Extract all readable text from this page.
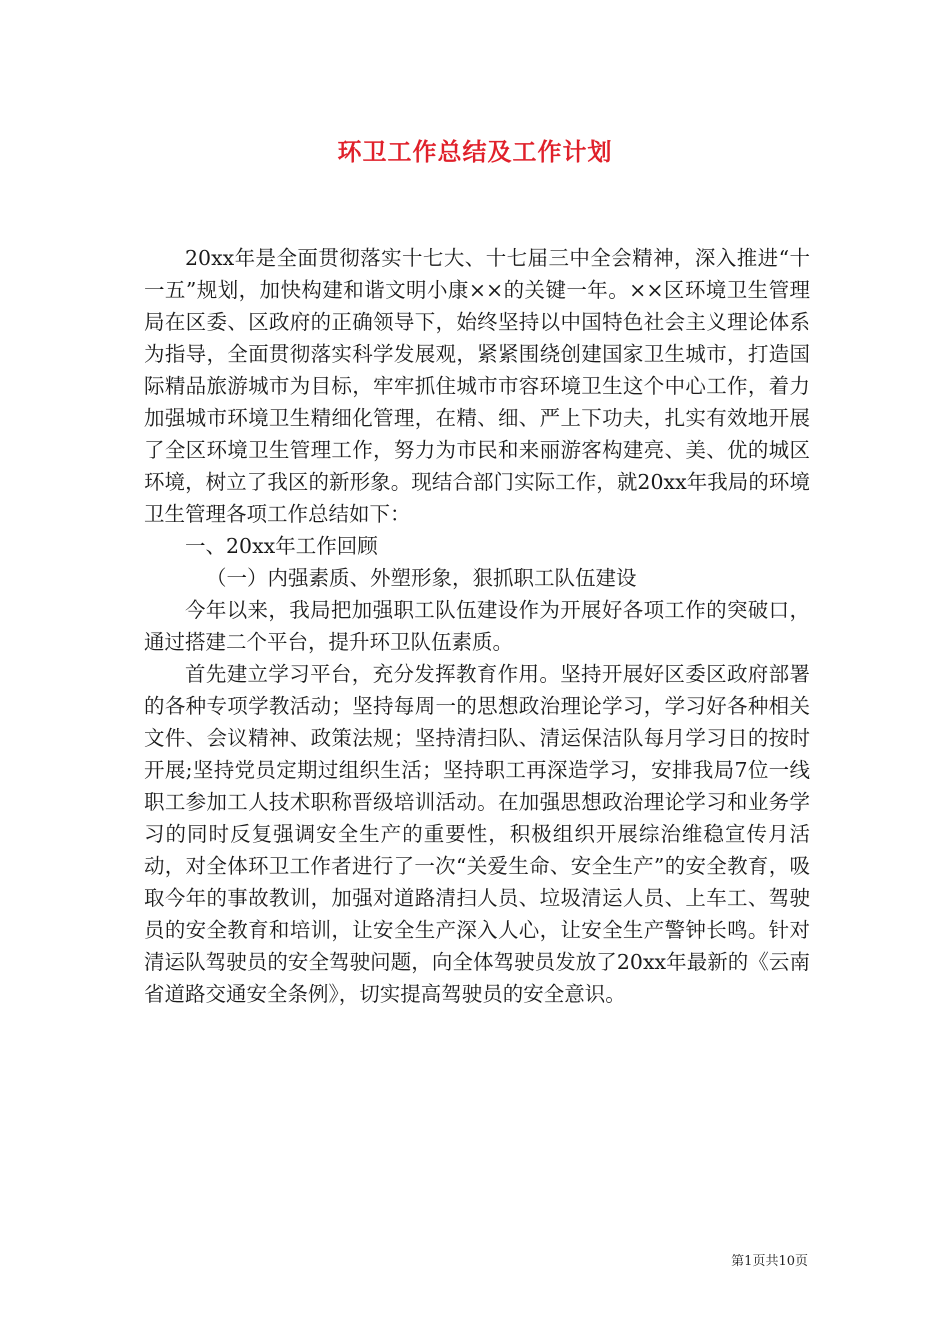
环卫工作总结及工作计划

20xx年是全面贯彻落实十七大、十七届三中全会精神，深入推进“十一五”规划，加快构建和谐文明小康××的关键一年。××区环境卫生管理局在区委、区政府的正确领导下，始终坚持以中国特色社会主义理论体系为指导，全面贯彻落实科学发展观，紧紧围绕创建国家卫生城市，打造国际精品旅游城市为目标，牢牢抓住城市市容环境卫生这个中心工作，着力加强城市环境卫生精细化管理，在精、细、严上下功夫，扎实有效地开展了全区环境卫生管理工作，努力为市民和来丽游客构建亮、美、优的城区环境，树立了我区的新形象。现结合部门实际工作，就20xx年我局的环境卫生管理各项工作总结如下：

一、20xx年工作回顾

（一）内强素质、外塑形象，狠抓职工队伍建设

今年以来，我局把加强职工队伍建设作为开展好各项工作的突破口，通过搭建二个平台，提升环卫队伍素质。

首先建立学习平台，充分发挥教育作用。坚持开展好区委区政府部署的各种专项学教活动；坚持每周一的思想政治理论学习，学习好各种相关文件、会议精神、政策法规；坚持清扫队、清运保洁队每月学习日的按时开展;坚持党员定期过组织生活；坚持职工再深造学习，安排我局7位一线职工参加工人技术职称晋级培训活动。在加强思想政治理论学习和业务学习的同时反复强调安全生产的重要性，积极组织开展综治维稳宣传月活动，对全体环卫工作者进行了一次“关爱生命、安全生产”的安全教育，吸取今年的事故教训，加强对道路清扫人员、垃圾清运人员、上车工、驾驶员的安全教育和培训，让安全生产深入人心，让安全生产警钟长鸣。针对清运队驾驶员的安全驾驶问题，向全体驾驶员发放了20xx年最新的《云南省道路交通安全条例》，切实提高驾驶员的安全意识。

第1页共10页
